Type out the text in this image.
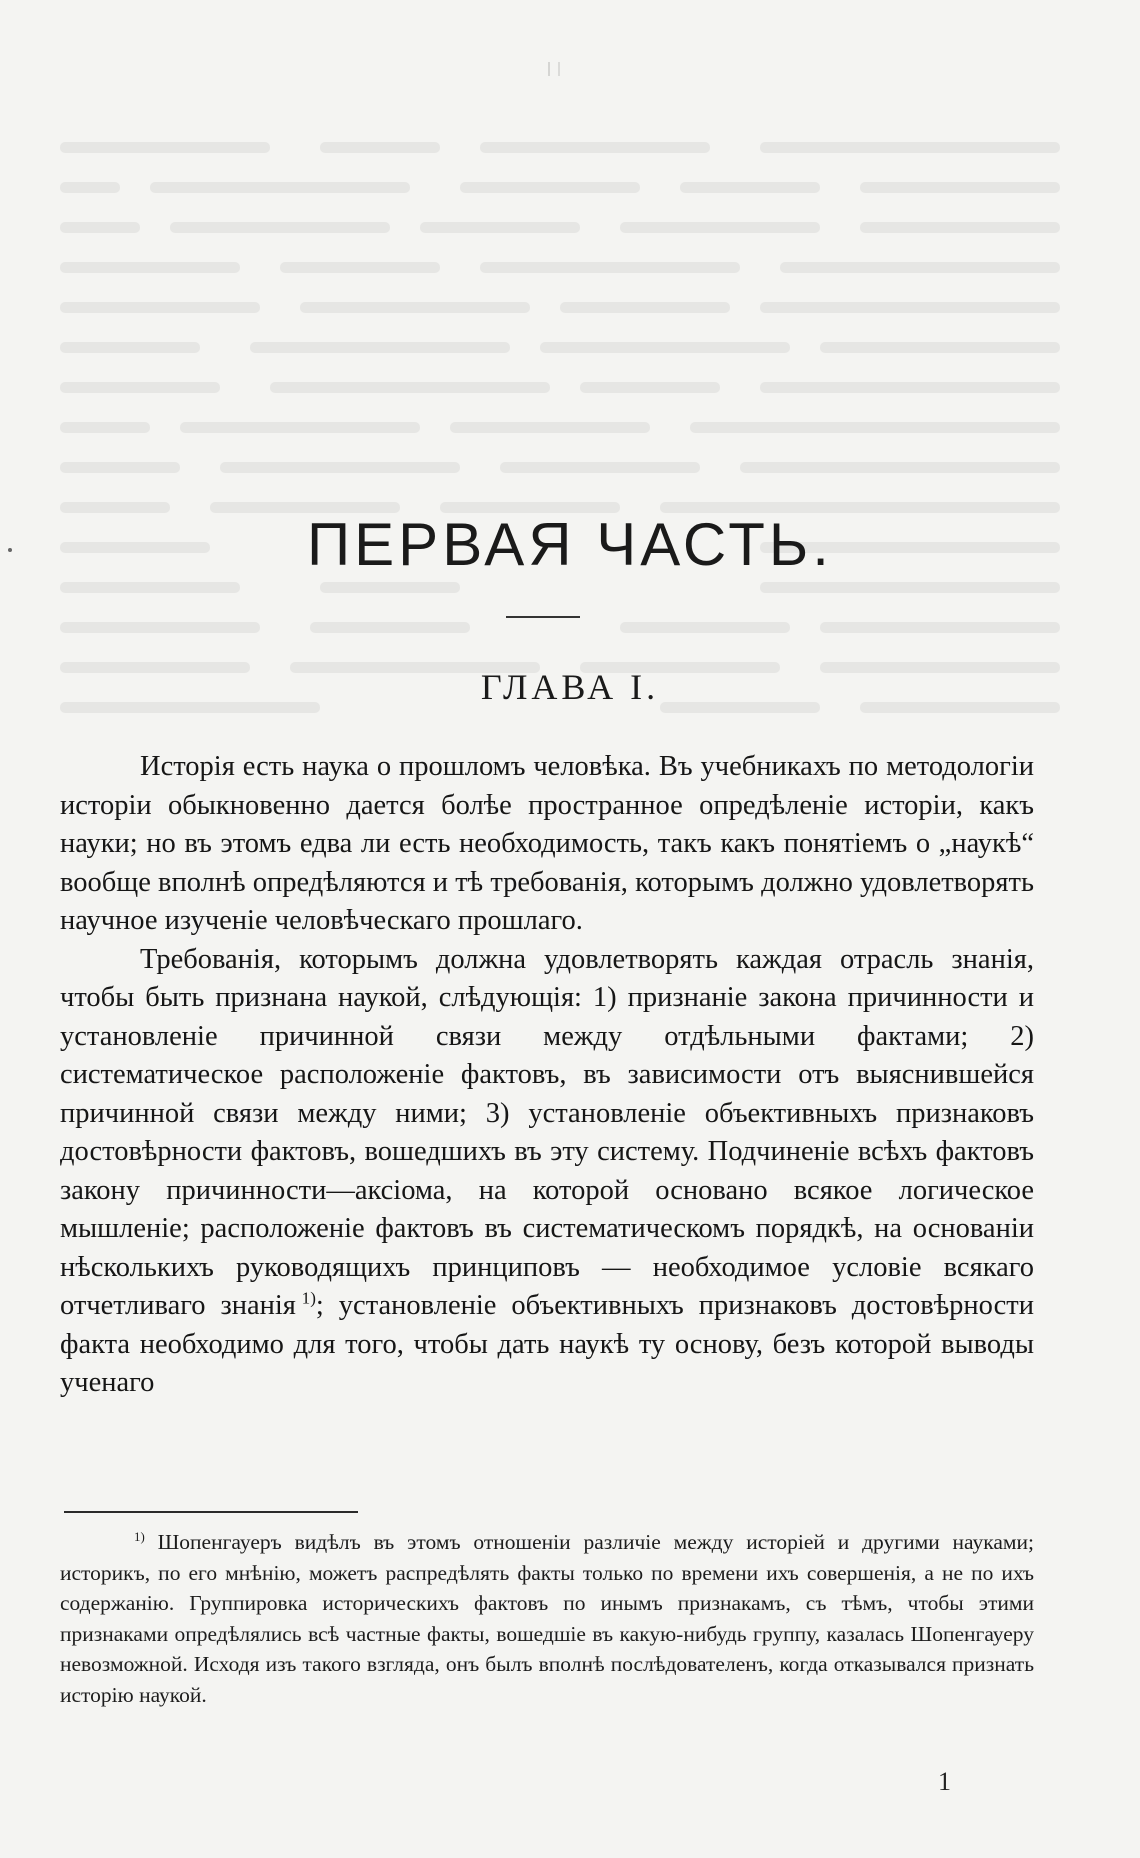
ПЕРВАЯ ЧАСТЬ.
ГЛАВА I.

Исторія есть наука о прошломъ человѣка. Въ учебникахъ по методологіи исторіи обыкновенно дается болѣе пространное опредѣленіе исторіи, какъ науки; но въ этомъ едва ли есть необходимость, такъ какъ понятіемъ о „наукѣ“ вообще вполнѣ опредѣляются и тѣ требованія, которымъ должно удовлетворять научное изученіе человѣческаго прошлаго.

Требованія, которымъ должна удовлетворять каждая отрасль знанія, чтобы быть признана наукой, слѣдующія: 1) признаніе закона причинности и установленіе причинной связи между отдѣльными фактами; 2) систематическое расположеніе фактовъ, въ зависимости отъ выяснившейся причинной связи между ними; 3) установленіе объективныхъ признаковъ достовѣрности фактовъ, вошедшихъ въ эту систему. Подчиненіе всѣхъ фактовъ закону причинности—аксіома, на которой основано всякое логическое мышленіе; расположеніе фактовъ въ систематическомъ порядкѣ, на основаніи нѣсколькихъ руководящихъ принциповъ — необходимое условіе всякаго отчетливаго знанія  $^{1)}$; установленіе объективныхъ признаковъ достовѣрности факта необходимо для того, чтобы дать наукѣ ту основу, безъ которой выводы ученаго

$^{1)}$ Шопенгауеръ видѣлъ въ этомъ отношеніи различіе между исторіей и другими науками; историкъ, по его мнѣнію, можетъ распредѣлять факты только по времени ихъ совершенія, а не по ихъ содержанію. Группировка историческихъ фактовъ по инымъ признакамъ, съ тѣмъ, чтобы этими признаками опредѣлялись всѣ частные факты, вошедшіе въ какую-нибудь группу, казалась Шопенгауеру невозможной. Исходя изъ такого взгляда, онъ былъ вполнѣ послѣдователенъ, когда отказывался признать исторію наукой.

1
